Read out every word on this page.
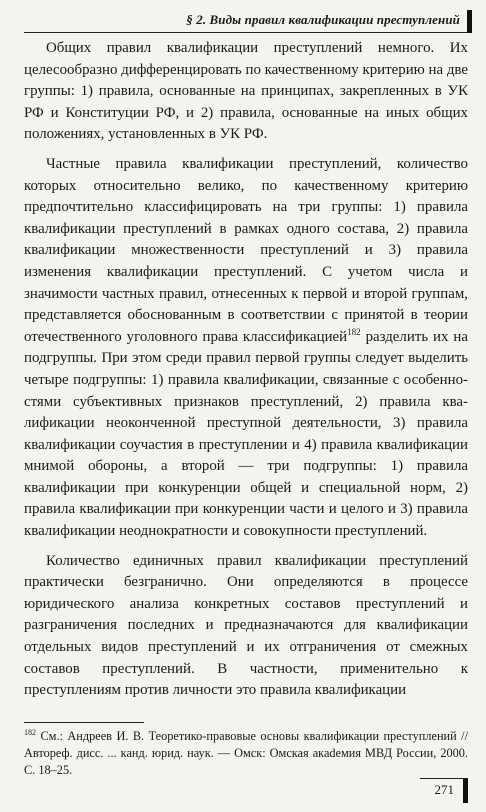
§ 2. Виды правил квалификации преступлений

Общих правил квалификации преступлений немного. Их целесообразно дифференцировать по качественному критерию на две группы: 1) правила, основанные на принципах, закрепленных в УК РФ и Конституции РФ, и 2) правила, основанные на иных общих положениях, установленных в УК РФ.

Частные правила квалификации преступлений, количество которых относительно велико, по качественному критерию предпочтительно классифицировать на три группы: 1) правила квалификации преступлений в рамках одного состава, 2) правила квалификации множественности преступлений и 3) правила изменения квалификации преступлений. С учетом числа и значимости частных правил, отнесенных к первой и второй группам, представляется обоснованным в соответствии с принятой в теории отечественного уголовного права классификацией$^{182}$ разделить их на подгруппы. При этом среди правил первой группы следует выделить четыре подгруппы: 1) правила квалификации, связанные с особенностями субъективных признаков преступлений, 2) правила квалификации неоконченной преступной деятельности, 3) правила квалификации соучастия в преступлении и 4) правила квалификации мнимой обороны, а второй — три подгруппы: 1) правила квалификации при конкуренции общей и специальной норм, 2) правила квалификации при конкуренции части и целого и 3) правила квалификации неоднократности и совокупности преступлений.

Количество единичных правил квалификации преступлений практически безгранично. Они определяются в процессе юридического анализа конкретных составов преступлений и разграничения последних и предназначаются для квалификации отдельных видов преступлений и их отграничения от смежных составов преступлений. В частности, применительно к преступлениям против личности это правила квалификации

$^{182}$ См.: Андреев И. В. Теоретико-правовые основы квалификации преступлений // Автореф. дисс. ... канд. юрид. наук. — Омск: Омская акаdемия МВД России, 2000. С. 18–25.
271
